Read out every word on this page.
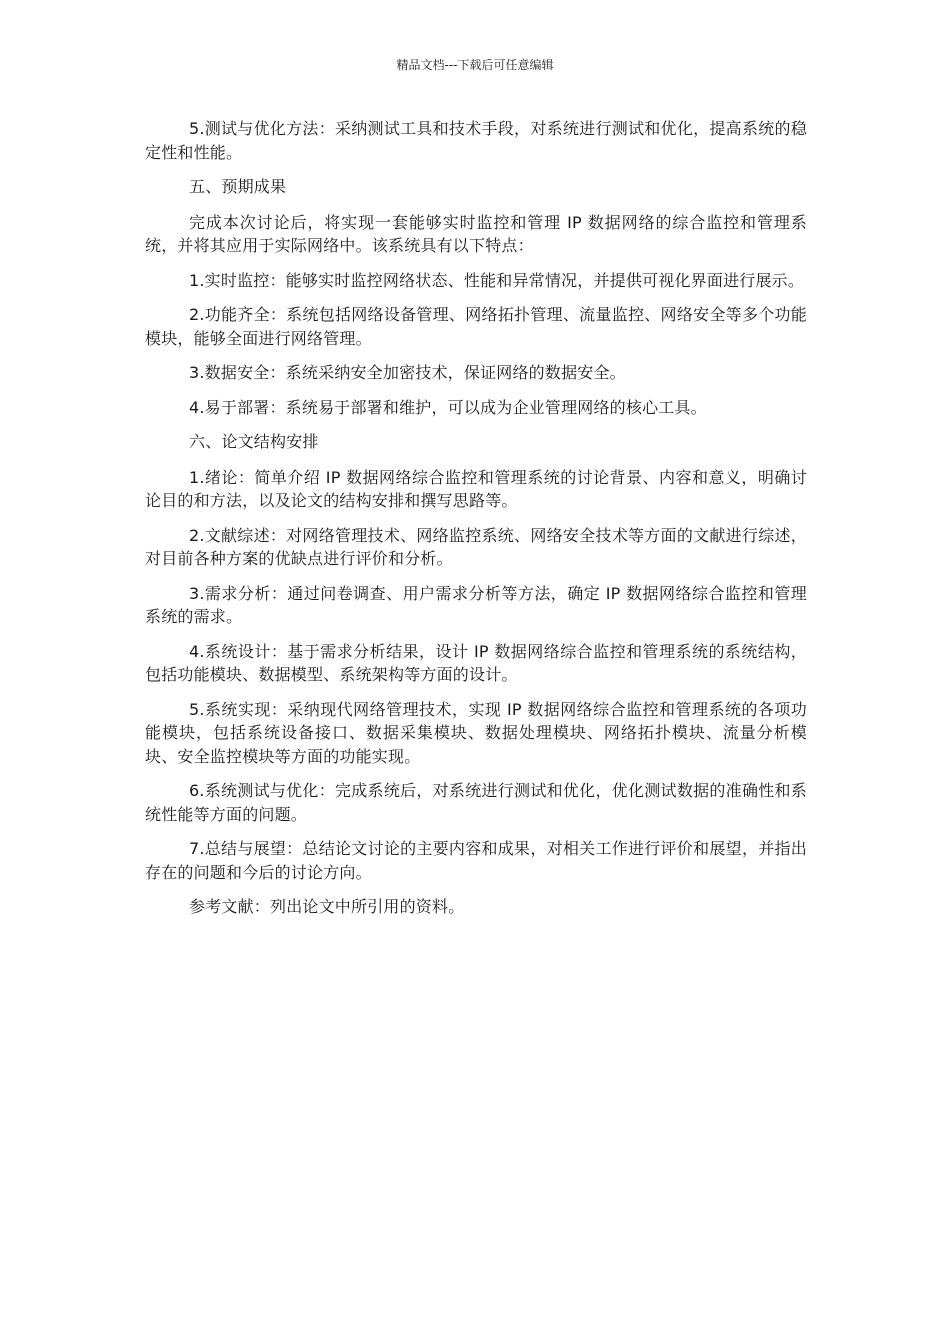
精品文档---下载后可任意编辑

5.测试与优化方法：采纳测试工具和技术手段，对系统进行测试和优化，提高系统的稳定性和性能。

五、预期成果

完成本次讨论后，将实现一套能够实时监控和管理 IP 数据网络的综合监控和管理系统，并将其应用于实际网络中。该系统具有以下特点：

1.实时监控：能够实时监控网络状态、性能和异常情况，并提供可视化界面进行展示。

2.功能齐全：系统包括网络设备管理、网络拓扑管理、流量监控、网络安全等多个功能模块，能够全面进行网络管理。

3.数据安全：系统采纳安全加密技术，保证网络的数据安全。

4.易于部署：系统易于部署和维护，可以成为企业管理网络的核心工具。

六、论文结构安排

1.绪论：简单介绍 IP 数据网络综合监控和管理系统的讨论背景、内容和意义，明确讨论目的和方法，以及论文的结构安排和撰写思路等。

2.文献综述：对网络管理技术、网络监控系统、网络安全技术等方面的文献进行综述，对目前各种方案的优缺点进行评价和分析。

3.需求分析：通过问卷调查、用户需求分析等方法，确定 IP 数据网络综合监控和管理系统的需求。

4.系统设计：基于需求分析结果，设计 IP 数据网络综合监控和管理系统的系统结构，包括功能模块、数据模型、系统架构等方面的设计。

5.系统实现：采纳现代网络管理技术，实现 IP 数据网络综合监控和管理系统的各项功能模块，包括系统设备接口、数据采集模块、数据处理模块、网络拓扑模块、流量分析模块、安全监控模块等方面的功能实现。

6.系统测试与优化：完成系统后，对系统进行测试和优化，优化测试数据的准确性和系统性能等方面的问题。

7.总结与展望：总结论文讨论的主要内容和成果，对相关工作进行评价和展望，并指出存在的问题和今后的讨论方向。

参考文献：列出论文中所引用的资料。
